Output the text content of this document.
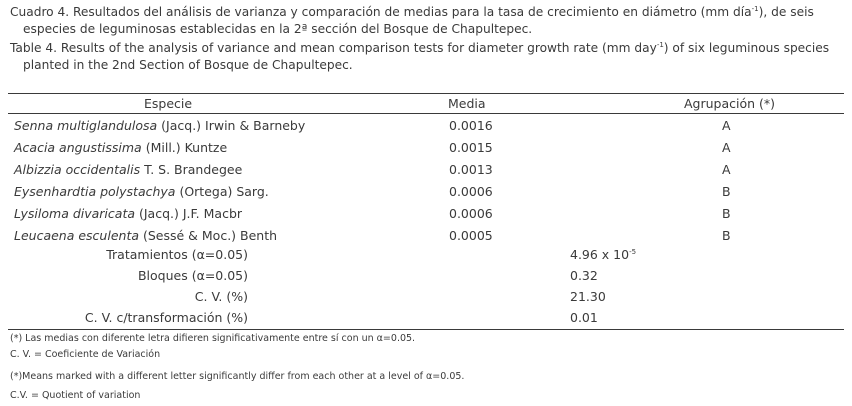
Cuadro 4. Resultados del análisis de varianza y comparación de medias para la tasa de crecimiento en diámetro (mm día$^{-1}$), de seis
especies de leguminosas establecidas en la 2ª sección del Bosque de Chapultepec.
Table 4. Results of the analysis of variance and mean comparison tests for diameter growth rate (mm day$^{-1}$) of six leguminous species
planted in the 2nd Section of Bosque de Chapultepec.
Especie	Media	Agrupación (*)
Senna multiglandulosa (Jacq.) Irwin & Barneby	0.0016	A
Acacia angustissima (Mill.) Kuntze	0.0015	A
Albizzia occidentalis T. S. Brandegee	0.0013	A
Eysenhardtia polystachya (Ortega) Sarg.	0.0006	B
Lysiloma divaricata (Jacq.) J.F. Macbr	0.0006	B
Leucaena esculenta (Sessé & Moc.) Benth	0.0005	B
Tratamientos (α=0.05)	4.96 x $10^{-5}$
Bloques (α=0.05)	0.32
C. V. (%)	21.30
C. V. c/transformación (%)	0.01
(*) Las medias con diferente letra difieren significativamente entre sí con un α=0.05.
C. V. = Coeficiente de Variación
(*)Means marked with a different letter significantly differ from each other at a level of α=0.05.
C.V. = Quotient of variation
